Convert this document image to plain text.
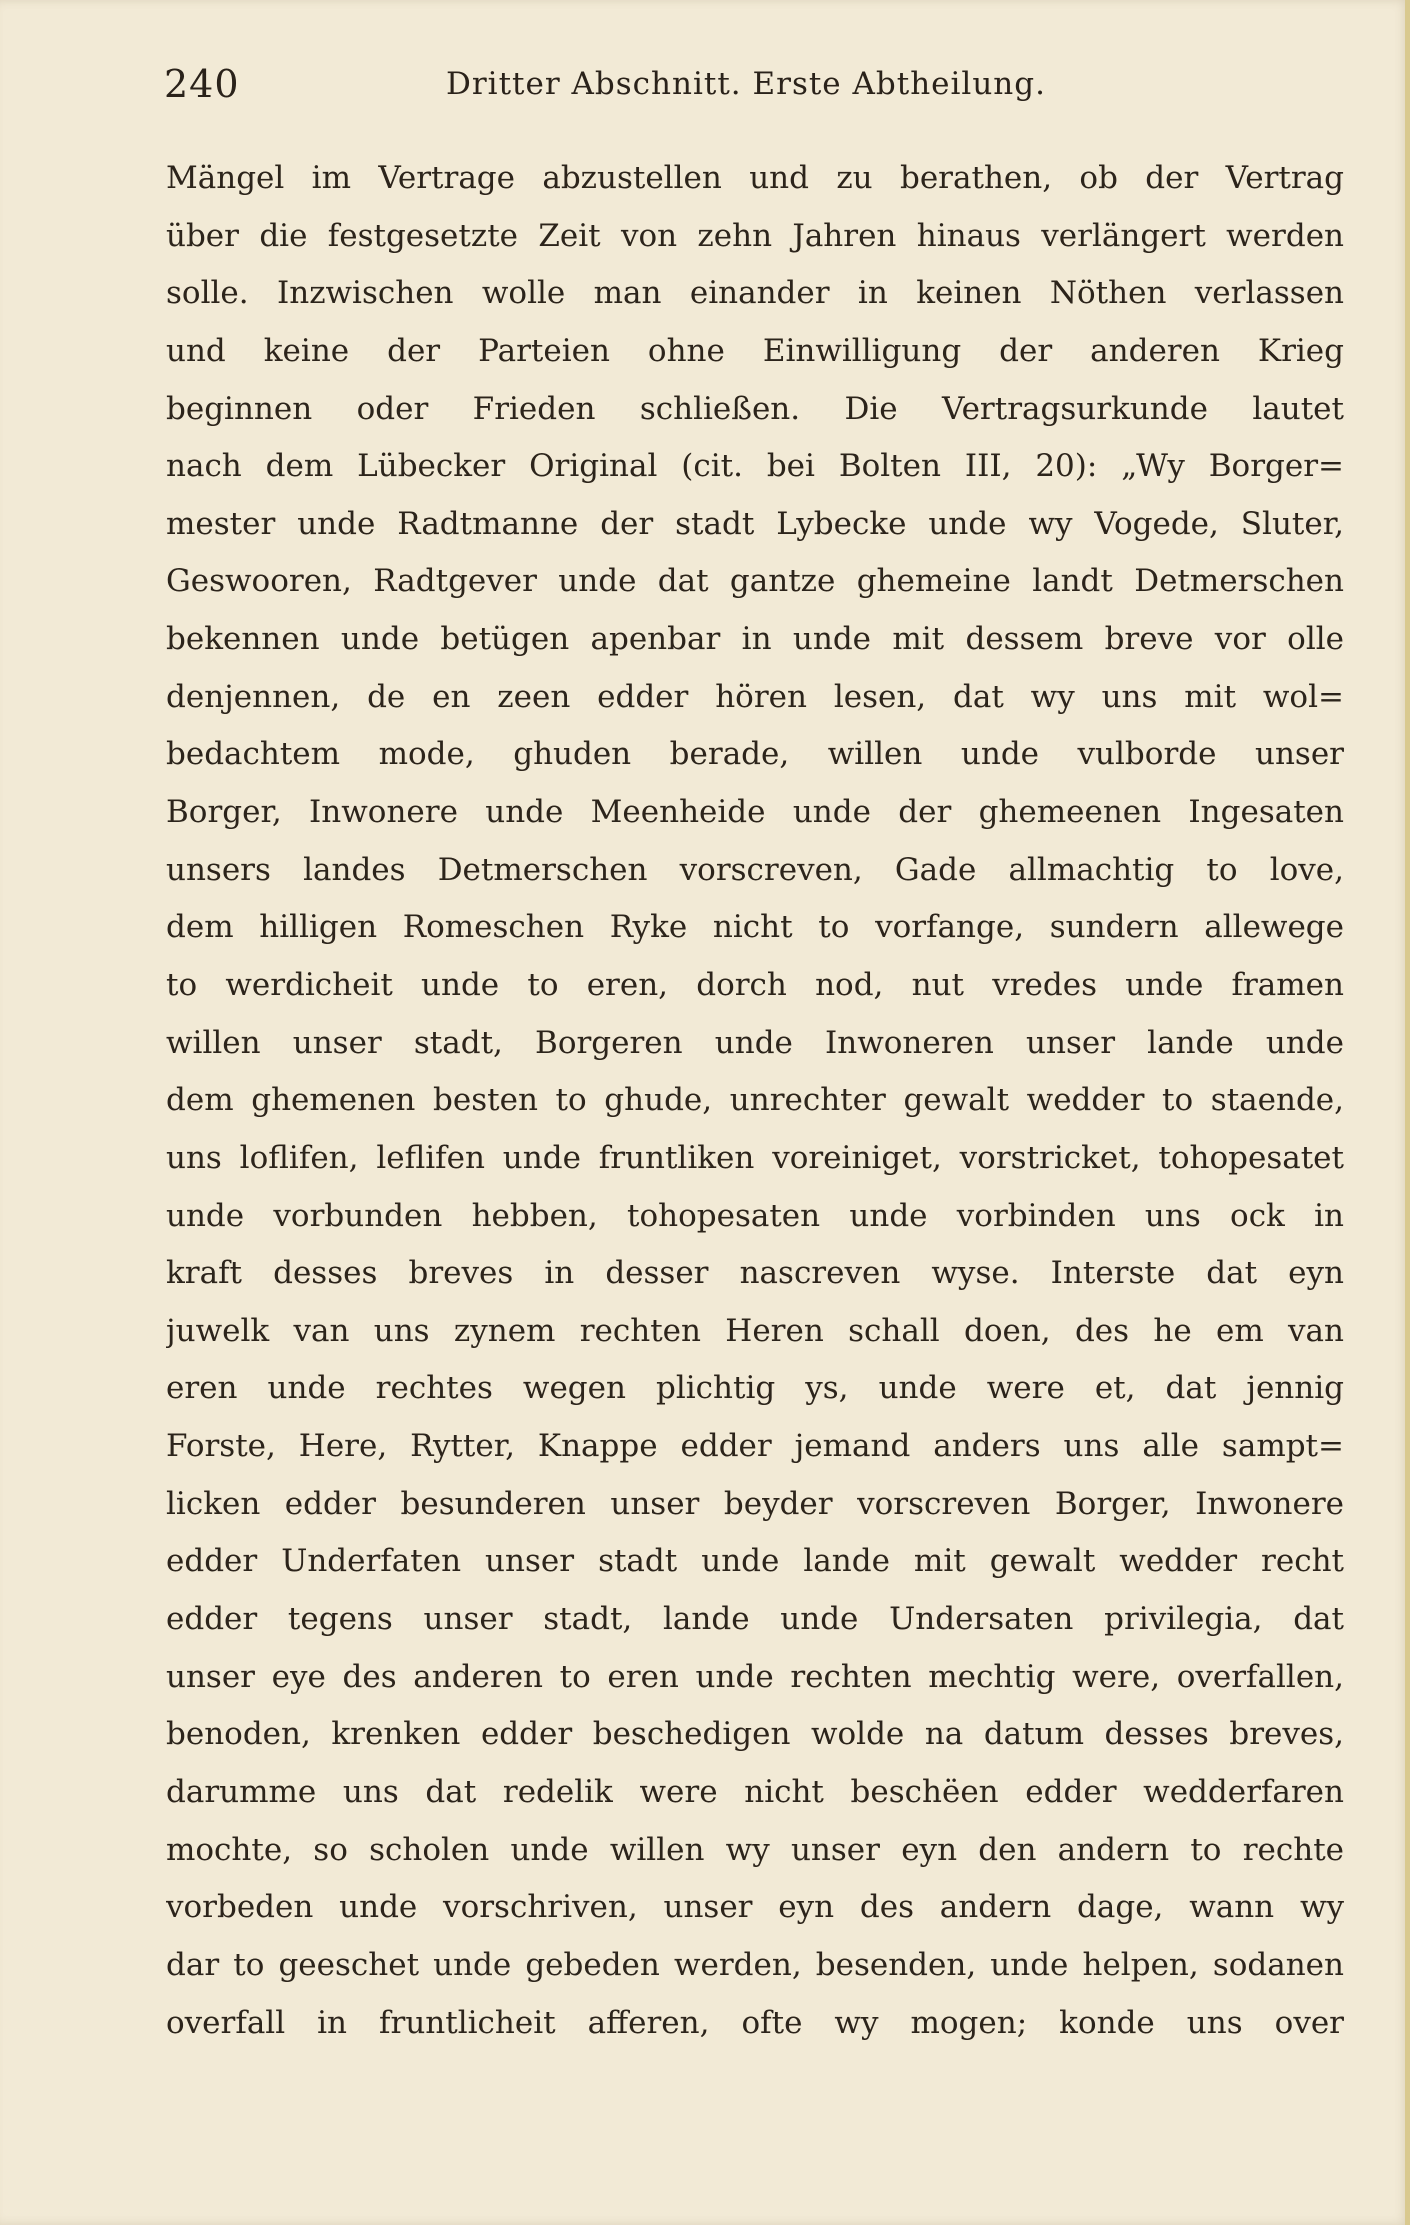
240	Dritter Abschnitt. Erste Abtheilung.
Mängel im Vertrage abzustellen und zu berathen, ob der Vertrag
über die festgesetzte Zeit von zehn Jahren hinaus verlängert werden
solle. Inzwischen wolle man einander in keinen Nöthen verlassen
und keine der Parteien ohne Einwilligung der anderen Krieg
beginnen oder Frieden schließen. Die Vertragsurkunde lautet
nach dem Lübecker Original (cit. bei Bolten III, 20): „Wy Borger=
mester unde Radtmanne der stadt Lybecke unde wy Vogede, Sluter,
Geswooren, Radtgever unde dat gantze ghemeine landt Detmerschen
bekennen unde betügen apenbar in unde mit dessem breve vor olle
denjennen, de en zeen edder hören lesen, dat wy uns mit wol=
bedachtem mode, ghuden berade, willen unde vulborde unser
Borger, Inwonere unde Meenheide unde der ghemeenen Ingesaten
unsers landes Detmerschen vorscreven, Gade allmachtig to love,
dem hilligen Romeschen Ryke nicht to vorfange, sundern allewege
to werdicheit unde to eren, dorch nod, nut vredes unde framen
willen unser stadt, Borgeren unde Inwoneren unser lande unde
dem ghemenen besten to ghude, unrechter gewalt wedder to staende,
uns loflifen, leflifen unde fruntliken voreiniget, vorstricket, tohopesatet
unde vorbunden hebben, tohopesaten unde vorbinden uns ock in
kraft desses breves in desser nascreven wyse. Interste dat eyn
juwelk van uns zynem rechten Heren schall doen, des he em van
eren unde rechtes wegen plichtig ys, unde were et, dat jennig
Forste, Here, Rytter, Knappe edder jemand anders uns alle sampt=
licken edder besunderen unser beyder vorscreven Borger, Inwonere
edder Underfaten unser stadt unde lande mit gewalt wedder recht
edder tegens unser stadt, lande unde Undersaten privilegia, dat
unser eye des anderen to eren unde rechten mechtig were, overfallen,
benoden, krenken edder beschedigen wolde na datum desses breves,
darumme uns dat redelik were nicht beschëen edder wedderfaren
mochte, so scholen unde willen wy unser eyn den andern to rechte
vorbeden unde vorschriven, unser eyn des andern dage, wann wy
dar to geeschet unde gebeden werden, besenden, unde helpen, sodanen
overfall in fruntlicheit afferen, ofte wy mogen; konde uns over
